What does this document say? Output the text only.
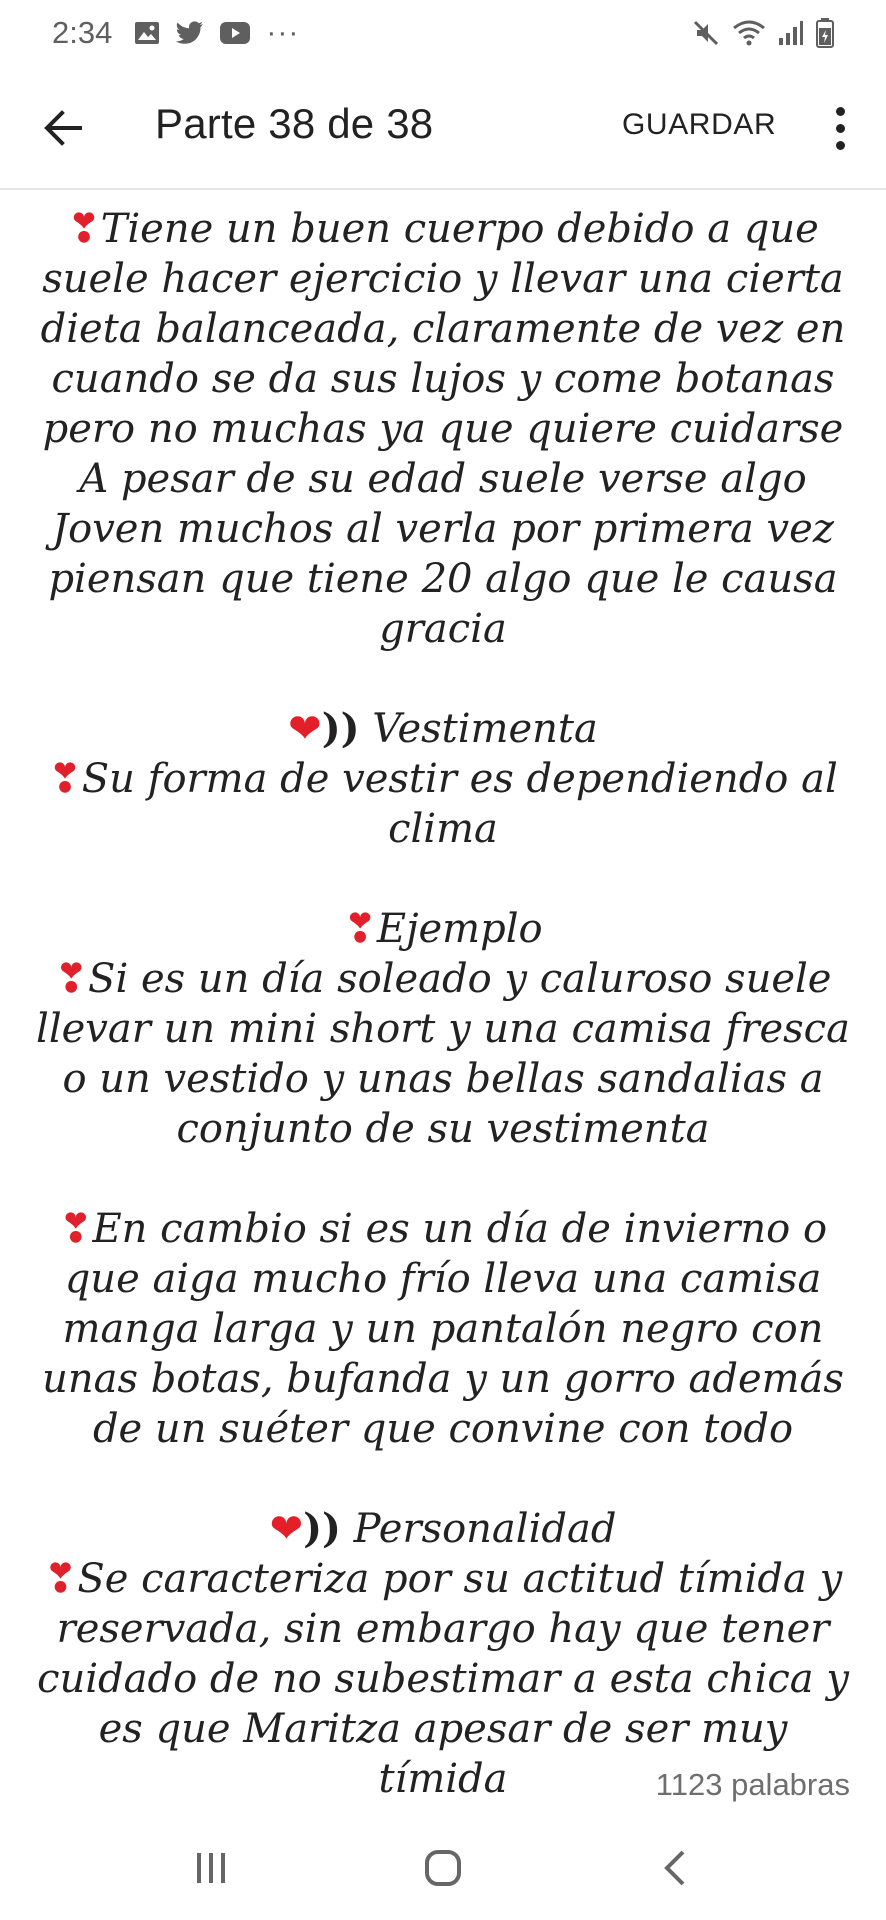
2:34	···
Parte 38 de 38	GUARDAR
❣Tiene un buen cuerpo debido a que suele hacer ejercicio y llevar una cierta dieta balanceada, claramente de vez en cuando se da sus lujos y come botanas pero no muchas ya que quiere cuidarse A pesar de su edad suele verse algo Joven muchos al verla por primera vez piensan que tiene 20 algo que le causa gracia
❤)) Vestimenta
❣Su forma de vestir es dependiendo al clima
❣Ejemplo
❣Si es un día soleado y caluroso suele llevar un mini short y una camisa fresca o un vestido y unas bellas sandalias a conjunto de su vestimenta
❣En cambio si es un día de invierno o que aiga mucho frío lleva una camisa manga larga y un pantalón negro con unas botas, bufanda y un gorro además de un suéter que convine con todo
❤)) Personalidad
❣Se caracteriza por su actitud tímida y reservada, sin embargo hay que tener cuidado de no subestimar a esta chica y es que Maritza apesar de ser muy tímida	1123 palabras
